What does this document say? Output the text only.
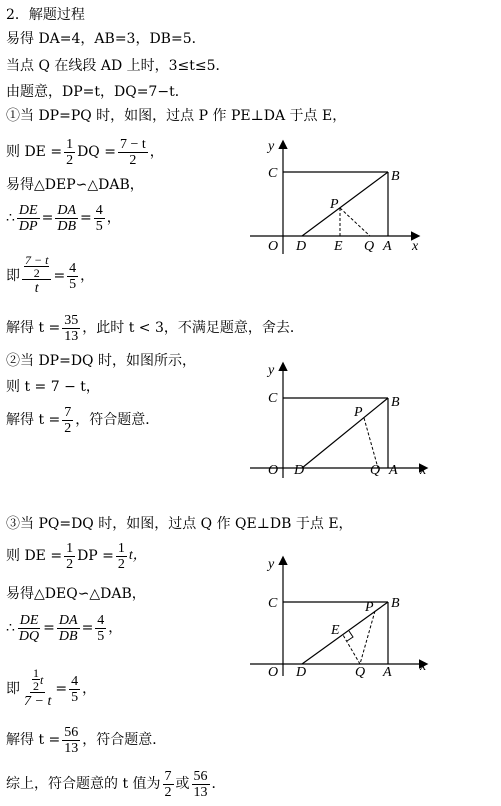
2．解题过程
易得 DA=4，AB=3，DB=5．
当点 Q 在线段 AD 上时，3≤t≤5．
由题意，DP=t，DQ=7−t．
①当 DP=PQ 时，如图，过点 P 作 PE⊥DA 于点 E，
则 DE = $\frac{1}{2}$ DQ = $\frac{7 - t}{2}$ ，
易得△DEP∽△DAB，
∴ $\frac{DE}{DP} = \frac{DA}{DB} = \frac{4}{5}$ ，
即 $\frac{\frac{7 - t}{2}}{t} = \frac{4}{5}$ ，
解得 $t = \frac{35}{13}$ ，此时 t < 3，不满足题意，舍去．
②当 DP=DQ 时，如图所示，
则 t = 7 − t，
解得 $t = \frac{7}{2}$ ，符合题意．
③当 PQ=DQ 时，如图，过点 Q 作 QE⊥DB 于点 E，
则 DE = $\frac{1}{2}$ DP = $\frac{1}{2}$ t，
易得△DEQ∽△DAB，
∴ $\frac{DE}{DQ} = \frac{DA}{DB} = \frac{4}{5}$ ，
即 $\frac{\frac{1}{2} t}{7 - t} = \frac{4}{5}$ ，
解得 $t = \frac{56}{13}$ ，符合题意．
综上，符合题意的 t 值为 $\frac{7}{2}$ 或 $\frac{56}{13}$ ．
y
x
C	B
O D E Q A
P
y
x
C	B
O D	Q A
P
y
x
C	B
O D
E
Q A
P
